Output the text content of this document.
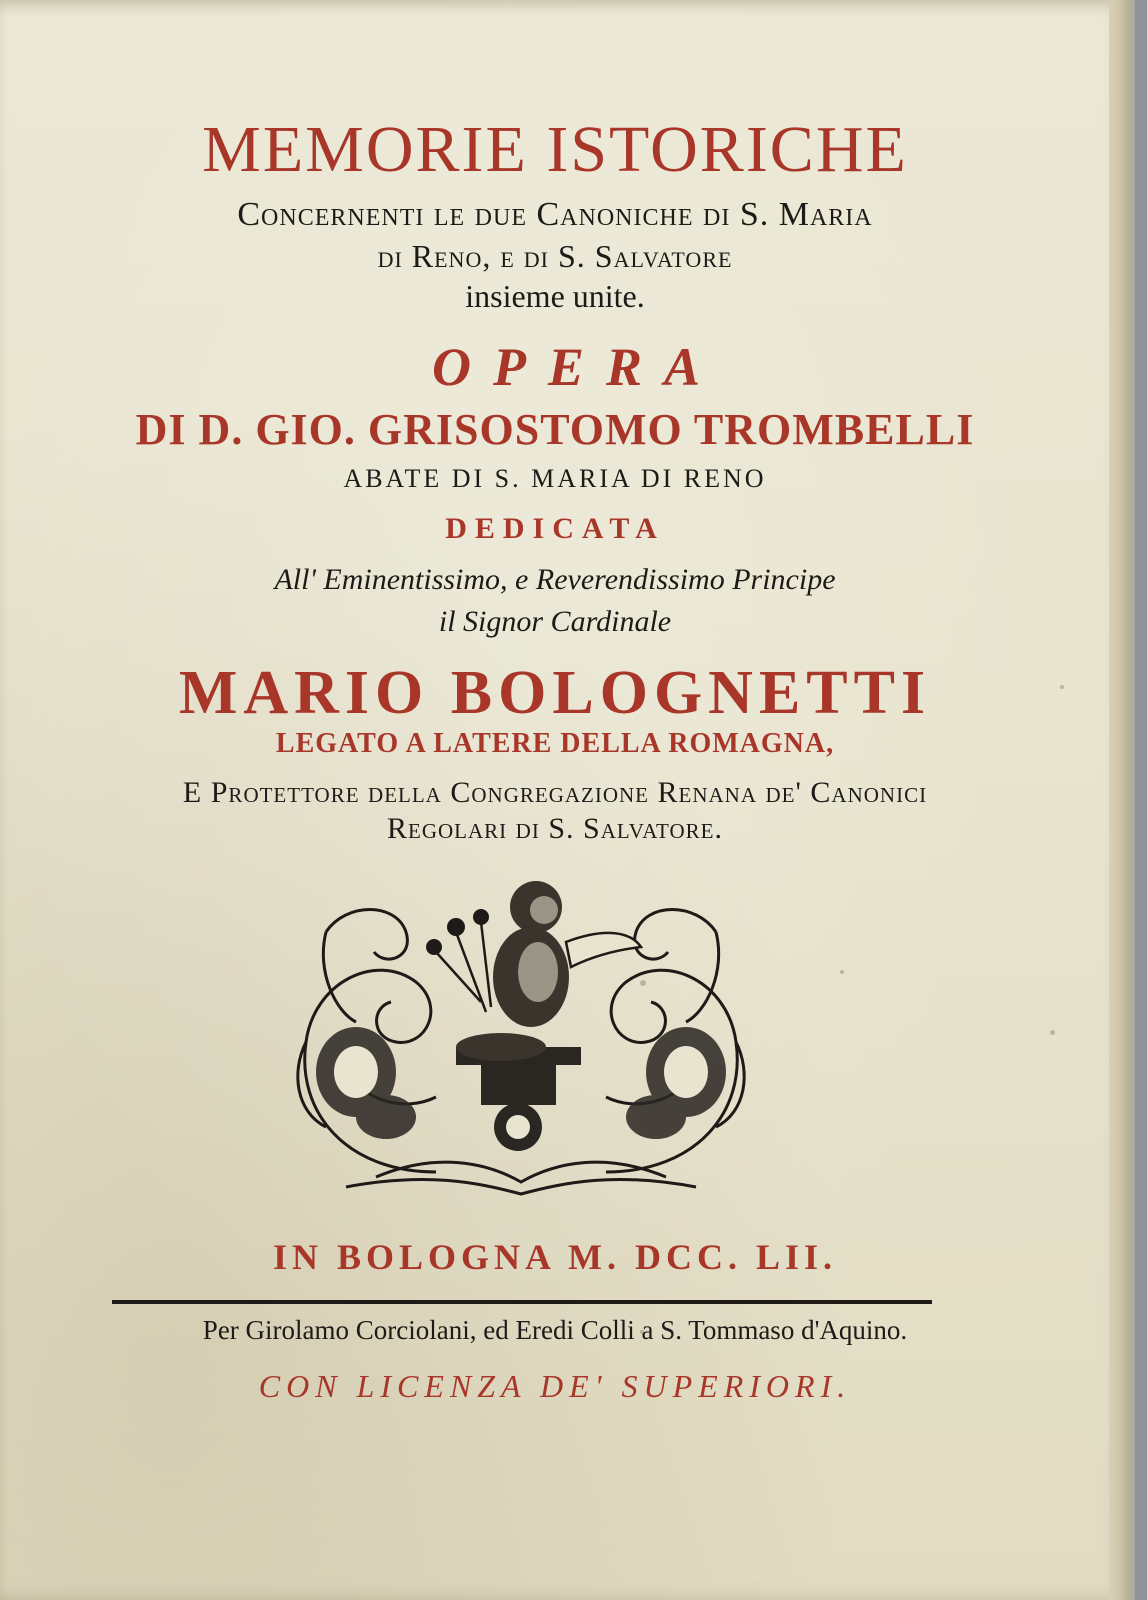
MEMORIE ISTORICHE
Concernenti le due Canoniche di S. Maria
di Reno, e di S. Salvatore
insieme unite.
OPERA
DI D. GIO. GRISOSTOMO TROMBELLI
ABATE DI S. MARIA DI RENO
DEDICATA
All' Eminentissimo, e Reverendissimo Principe
il Signor Cardinale
MARIO BOLOGNETTI
LEGATO A LATERE DELLA ROMAGNA,
E Protettore della Congregazione Renana de' Canonici
Regolari di S. Salvatore.
IN BOLOGNA M. DCC. LII.
Per Girolamo Corciolani, ed Eredi Colli a S. Tommaso d'Aquino.
CON LICENZA DE' SUPERIORI.
